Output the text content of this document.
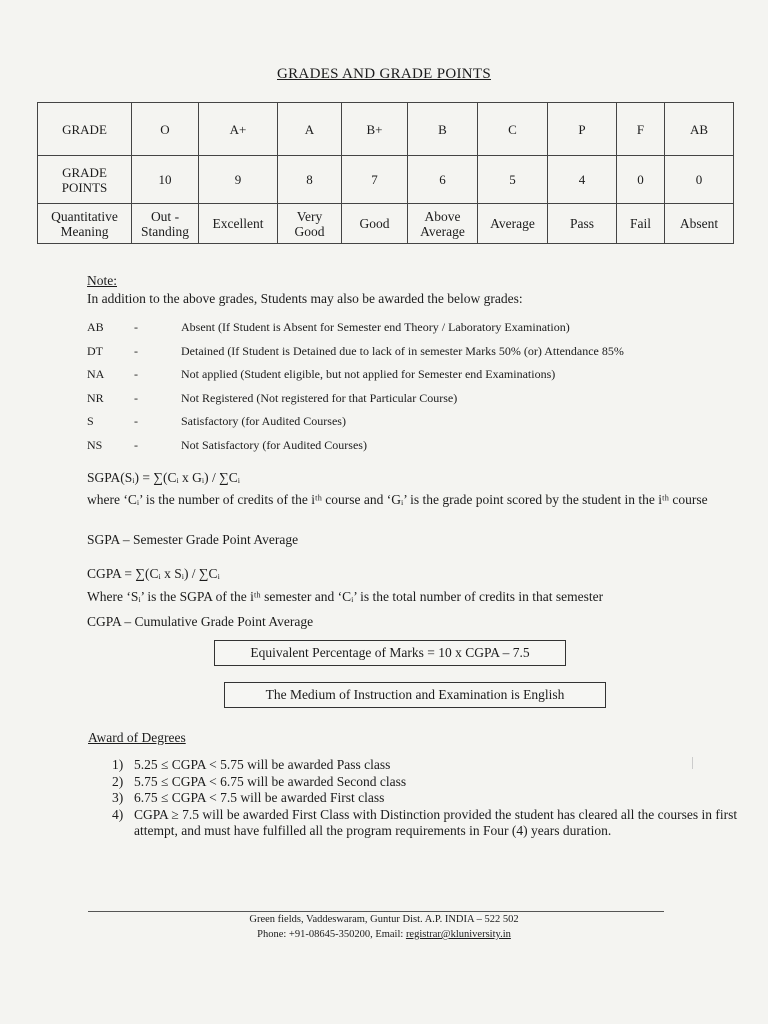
GRADES AND GRADE POINTS
GRADE	O	A+	A	B+	B	C	P	F	AB
GRADE POINTS	10	9	8	7	6	5	4	0	0
Quantitative Meaning	Out - Standing	Excellent	Very Good	Good	Above Average	Average	Pass	Fail	Absent
Note:
In addition to the above grades, Students may also be awarded the below grades:
AB	-	Absent (If Student is Absent for Semester end Theory / Laboratory Examination)
DT	-	Detained (If Student is Detained due to lack of in semester Marks 50% (or) Attendance 85%
NA	-	Not applied (Student eligible, but not applied for Semester end Examinations)
NR	-	Not Registered (Not registered for that Particular Course)
S	-	Satisfactory (for Audited Courses)
NS	-	Not Satisfactory (for Audited Courses)
SGPA(Sᵢ) = ∑(Cᵢ x Gᵢ) / ∑Cᵢ
where ‘Cᵢ’ is the number of credits of the iᵗʰ course and ‘Gᵢ’ is the grade point scored by the student in the iᵗʰ course
SGPA – Semester Grade Point Average
CGPA = ∑(Cᵢ x Sᵢ) / ∑Cᵢ
Where ‘Sᵢ’ is the SGPA of the iᵗʰ semester and ‘Cᵢ’ is the total number of credits in that semester
CGPA – Cumulative Grade Point Average
Equivalent Percentage of Marks = 10 x CGPA – 7.5
The Medium of Instruction and Examination is English
Award of Degrees
1) 5.25 ≤ CGPA < 5.75 will be awarded Pass class
2) 5.75 ≤ CGPA < 6.75 will be awarded Second class
3) 6.75 ≤ CGPA < 7.5 will be awarded First class
4) CGPA ≥ 7.5 will be awarded First Class with Distinction provided the student has cleared all the courses in first attempt, and must have fulfilled all the program requirements in Four (4) years duration.
Green fields, Vaddeswaram, Guntur Dist. A.P. INDIA – 522 502
Phone: +91-08645-350200, Email: registrar@kluniversity.in
